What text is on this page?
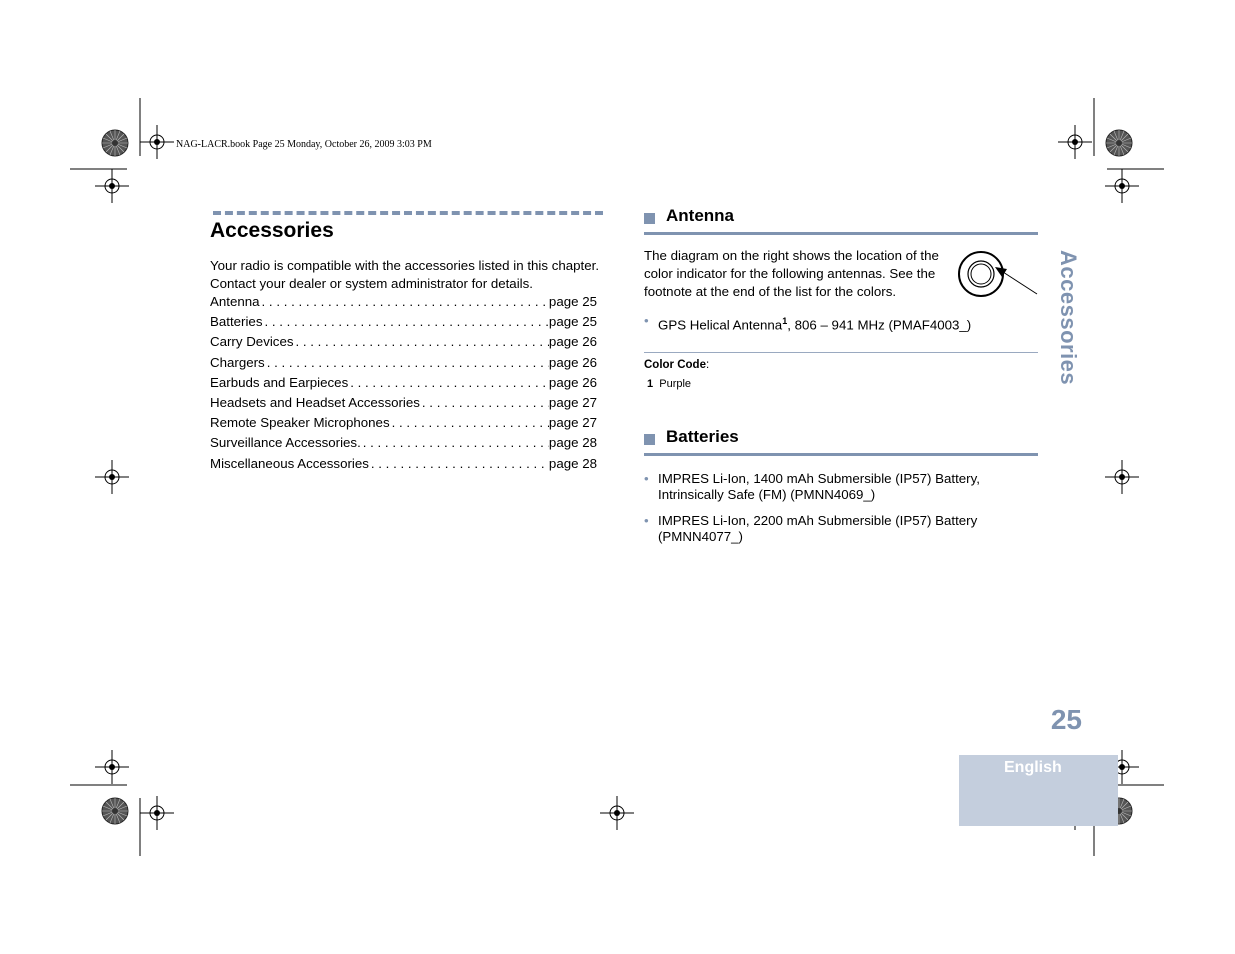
NAG-LACR.book Page 25 Monday, October 26, 2009 3:03 PM
Accessories
Your radio is compatible with the accessories listed in this chapter. Contact your dealer or system administrator for details.
Antenna . . .	page 25
Batteries . . .	page 25
Carry Devices . . .	page 26
Chargers . . .	page 26
Earbuds and Earpieces . . .	page 26
Headsets and Headset Accessories . . .	page 27
Remote Speaker Microphones . . .	page 27
Surveillance Accessories. . . .	page 28
Miscellaneous Accessories . . .	page 28
Antenna
The diagram on the right shows the location of the color indicator for the following antennas. See the footnote at the end of the list for the colors.
• GPS Helical Antenna$^1$, 806 – 941 MHz (PMAF4003_)
Color Code:
1 Purple
Batteries
• IMPRES Li-Ion, 1400 mAh Submersible (IP57) Battery,
Intrinsically Safe (FM) (PMNN4069_)
• IMPRES Li-Ion, 2200 mAh Submersible (IP57) Battery
(PMNN4077_)
Accessories
25
English
